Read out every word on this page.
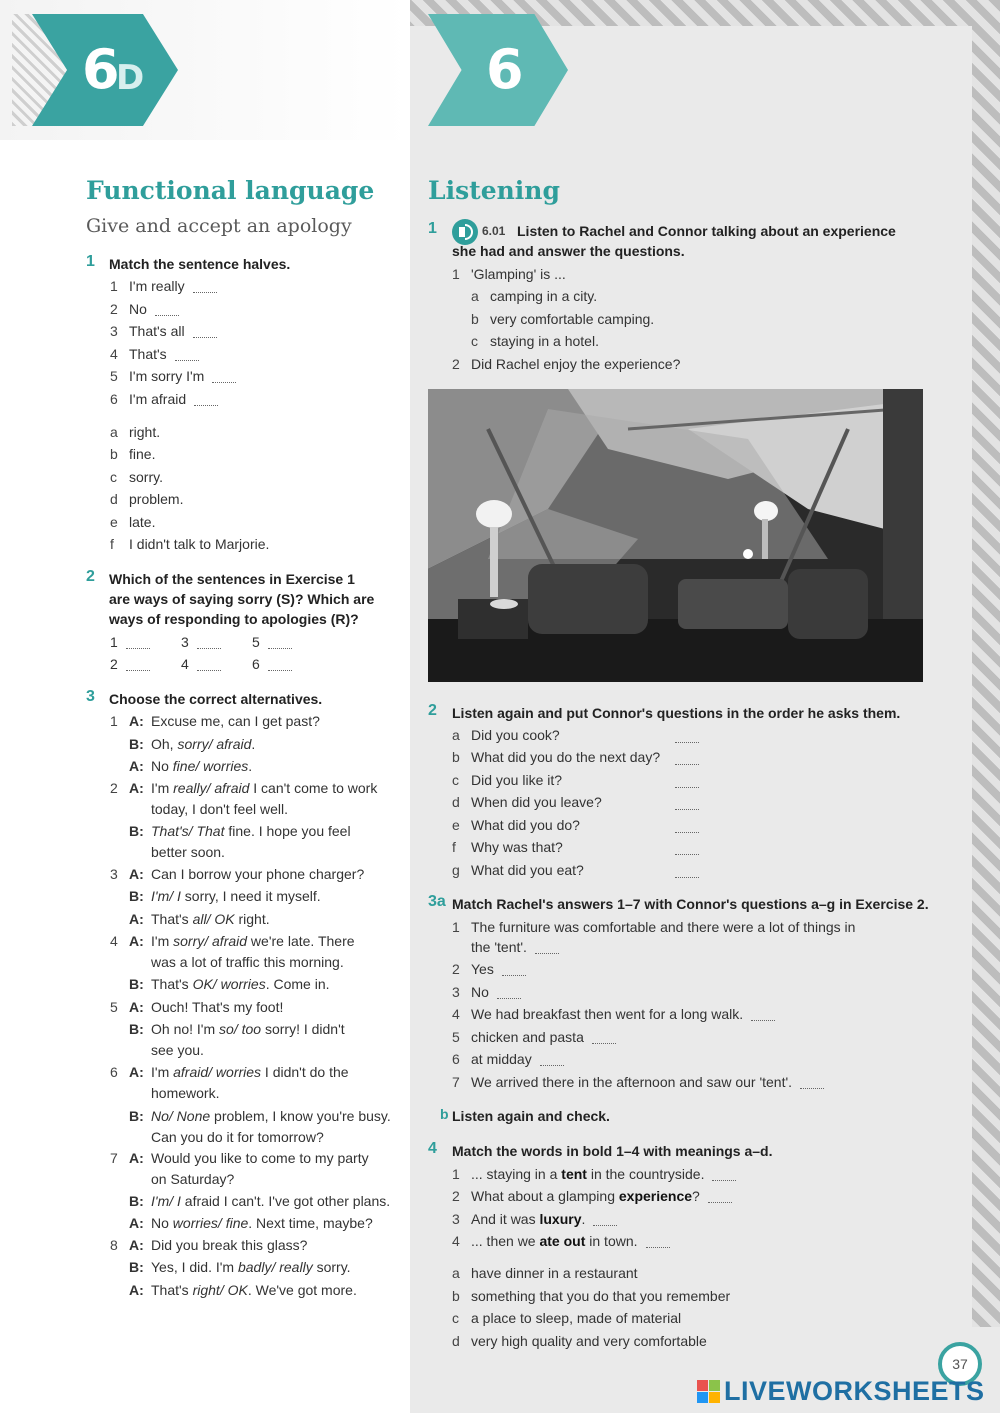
6
D	6
Functional language
Give and accept an apology
1 Match the sentence halves.
1 I'm really
2 No
3 That's all
4 That's
5 I'm sorry I'm
6 I'm afraid
a right.
b fine.
c sorry.
d problem.
e late.
f I didn't talk to Marjorie.
2 Which of the sentences in Exercise 1
are ways of saying sorry (S)? Which are
ways of responding to apologies (R)?
1	3	5
2	4	6
3 Choose the correct alternatives.
1 A: Excuse me, can I get past?
B: Oh, sorry/ afraid.
A: No fine/ worries.
2 A: I'm really/ afraid I can't come to work
today, I don't feel well.
B: That's/ That fine. I hope you feel
better soon.
3 A: Can I borrow your phone charger?
B: I'm/ I sorry, I need it myself.
A: That's all/ OK right.
4 A: I'm sorry/ afraid we're late. There
was a lot of traffic this morning.
B: That's OK/ worries. Come in.
5 A: Ouch! That's my foot!
B: Oh no! I'm so/ too sorry! I didn't
see you.
6 A: I'm afraid/ worries I didn't do the
homework.
B: No/ None problem, I know you're busy.
Can you do it for tomorrow?
7 A: Would you like to come to my party
on Saturday?
B: I'm/ I afraid I can't. I've got other plans.
A: No worries/ fine. Next time, maybe?
8 A: Did you break this glass?
B: Yes, I did. I'm badly/ really sorry.
A: That's right/ OK. We've got more.
Listening
1	6.01 Listen to Rachel and Connor talking about an experience
she had and answer the questions.
1 'Glamping' is ...
a camping in a city.
b very comfortable camping.
c staying in a hotel.
2 Did Rachel enjoy the experience?
2 Listen again and put Connor's questions in the order he asks them.
a Did you cook?
b What did you do the next day?
c Did you like it?
d When did you leave?
e What did you do?
f Why was that?
g What did you eat?
3a Match Rachel's answers 1–7 with Connor's questions a–g in Exercise 2.
1 The furniture was comfortable and there were a lot of things in
the 'tent'.
2 Yes
3 No
4 We had breakfast then went for a long walk.
5 chicken and pasta
6 at midday
7 We arrived there in the afternoon and saw our 'tent'.
b Listen again and check.
4 Match the words in bold 1–4 with meanings a–d.
1 ... staying in a tent in the countryside.
2 What about a glamping experience?
3 And it was luxury.
4 ... then we ate out in town.
a have dinner in a restaurant
b something that you do that you remember
c a place to sleep, made of material
d very high quality and very comfortable
37
LIVEWORKSHEETS
